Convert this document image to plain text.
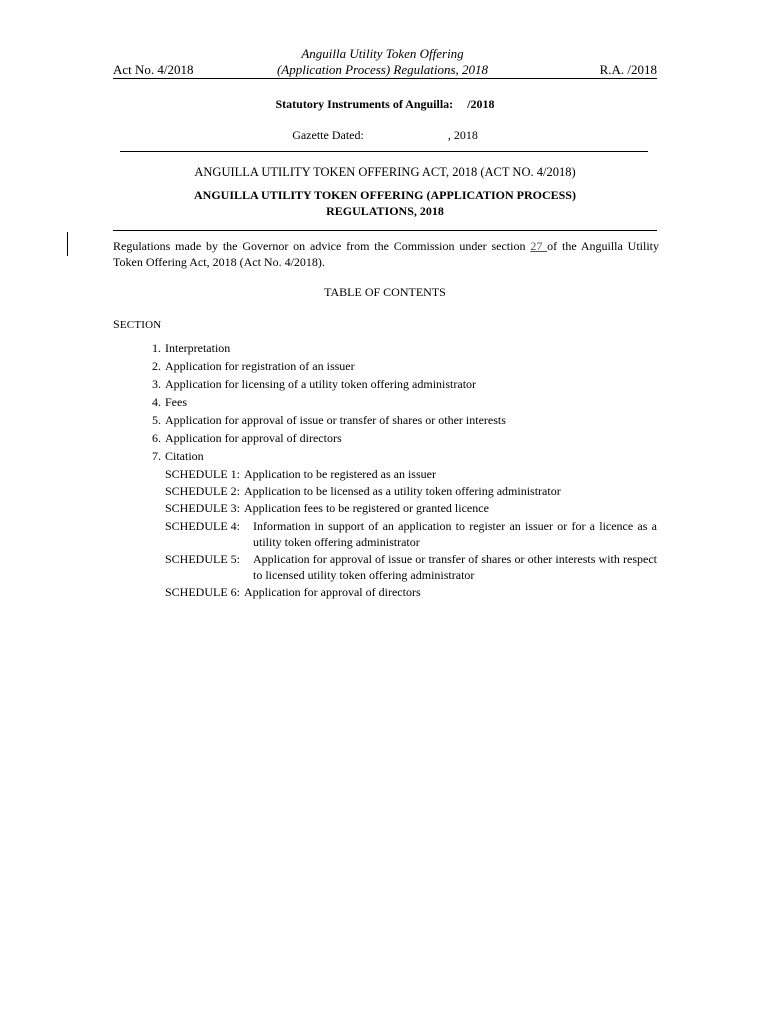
Act No. 4/2018
Anguilla Utility Token Offering
(Application Process) Regulations, 2018	R.A. /2018
Statutory Instruments of Anguilla: /2018
Gazette Dated:	, 2018
ANGUILLA UTILITY TOKEN OFFERING ACT, 2018 (ACT NO. 4/2018)
ANGUILLA UTILITY TOKEN OFFERING (APPLICATION PROCESS)
REGULATIONS, 2018
Regulations made by the Governor on advice from the Commission under section 27 of the Anguilla Utility Token Offering Act, 2018 (Act No. 4/2018).
TABLE OF CONTENTS
SECTION
1. Interpretation
2. Application for registration of an issuer
3. Application for licensing of a utility token offering administrator
4. Fees
5. Application for approval of issue or transfer of shares or other interests
6. Application for approval of directors
7. Citation
SCHEDULE 1: Application to be registered as an issuer
SCHEDULE 2: Application to be licensed as a utility token offering administrator
SCHEDULE 3: Application fees to be registered or granted licence
SCHEDULE 4:	Information in support of an application to register an issuer or for a licence as a utility token offering administrator
SCHEDULE 5:	Application for approval of issue or transfer of shares or other interests with respect to licensed utility token offering administrator
SCHEDULE 6: Application for approval of directors
